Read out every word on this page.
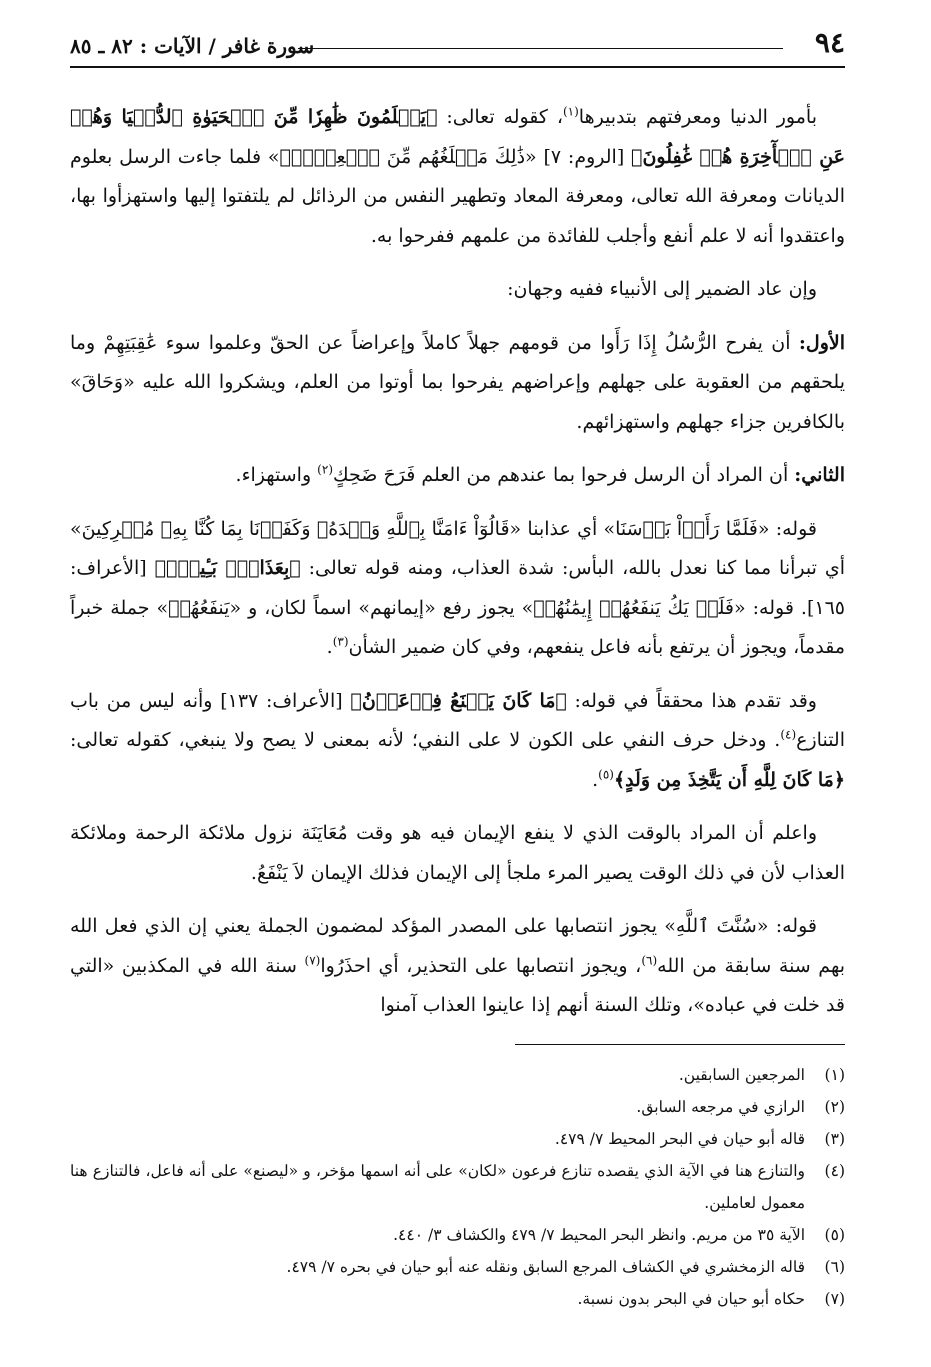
٩٤
سورة غافر / الآيات : ٨٢ ـ ٨٥

بأمور الدنيا ومعرفتهم بتدبيرها$^{(١)}$، كقوله تعالى: ﴿يَعۡلَمُونَ ظَٰهِرٗا مِّنَ ٱلۡحَيَوٰةِ ٱلدُّنۡيَا وَهُمۡ عَنِ ٱلۡأٓخِرَةِ هُمۡ غَٰفِلُونَ﴾ [الروم: ٧] «ذَٰلِكَ مَبۡلَغُهُم مِّنَ ٱلۡعِلۡمِۚ» فلما جاءت الرسل بعلوم الديانات ومعرفة الله تعالى، ومعرفة المعاد وتطهير النفس من الرذائل لم يلتفتوا إليها واستهزأوا بها، واعتقدوا أنه لا علم أنفع وأجلب للفائدة من علمهم ففرحوا به.

وإن عاد الضمير إلى الأنبياء ففيه وجهان:

الأول: أن يفرح الرُّسُلُ إِذَا رَأَوا من قومهم جهلاً كاملاً وإعراضاً عن الحقّ وعلموا سوء عَٰقِبَتِهِمْ وما يلحقهم من العقوبة على جهلهم وإعراضهم يفرحوا بما أوتوا من العلم، ويشكروا الله عليه «وَحَاقَ» بالكافرين جزاء جهلهم واستهزائهم.

الثاني: أن المراد أن الرسل فرحوا بما عندهم من العلم فَرَحَ ضَحِكٍ$^{(٢)}$ واستهزاء.

قوله: «فَلَمَّا رَأَوۡاْ بَأۡسَنَا» أي عذابنا «قَالُوٓاْ ءَامَنَّا بِٱللَّهِ وَحۡدَهُۥ وَكَفَرۡنَا بِمَا كُنَّا بِهِۦ مُشۡرِكِينَ» أي تبرأنا مما كنا نعدل بالله، البأس: شدة العذاب، ومنه قوله تعالى: ﴿بِعَذَابِۭ بَـِٔيسِۭ﴾ [الأعراف: ١٦٥]. قوله: «فَلَمۡ يَكُ يَنفَعُهُمۡ إِيمَٰنُهُمۡ» يجوز رفع «إيمانهم» اسماً لكان، و «يَنفَعُهُمۡ» جملة خبراً مقدماً، ويجوز أن يرتفع بأنه فاعل ينفعهم، وفي كان ضمير الشأن$^{(٣)}$.

وقد تقدم هذا محققاً في قوله: ﴿مَا كَانَ يَصۡنَعُ فِرۡعَوۡنُ﴾ [الأعراف: ١٣٧] وأنه ليس من باب التنازع$^{(٤)}$. ودخل حرف النفي على الكون لا على النفي؛ لأنه بمعنى لا يصح ولا ينبغي، كقوله تعالى: ﴿مَا كَانَ لِلَّهِ أَن يَتَّخِذَ مِن وَلَدٍ﴾$^{(٥)}$.

واعلم أن المراد بالوقت الذي لا ينفع الإيمان فيه هو وقت مُعَايَنَة نزول ملائكة الرحمة وملائكة العذاب لأن في ذلك الوقت يصير المرء ملجأ إلى الإيمان فذلك الإيمان لاَ يَنْفَعُ.

قوله: «سُنَّتَ ٱللَّهِ» يجوز انتصابها على المصدر المؤكد لمضمون الجملة يعني إن الذي فعل الله بهم سنة سابقة من الله$^{(٦)}$، ويجوز انتصابها على التحذير، أي احذَرُوا$^{(٧)}$ سنة الله في المكذبين «التي قد خلت في عباده»، وتلك السنة أنهم إذا عاينوا العذاب آمنوا

(١)
المرجعين السابقين.
(٢)
الرازي في مرجعه السابق.
(٣)
قاله أبو حيان في البحر المحيط ٧/ ٤٧٩.
(٤)
والتنازع هنا في الآية الذي يقصده تنازع فرعون «لكان» على أنه اسمها مؤخر، و «ليصنع» على أنه فاعل، فالتنازع هنا معمول لعاملين.
(٥)
الآية ٣٥ من مريم. وانظر البحر المحيط ٧/ ٤٧٩ والكشاف ٣/ ٤٤٠.
(٦)
قاله الزمخشري في الكشاف المرجع السابق ونقله عنه أبو حيان في بحره ٧/ ٤٧٩.
(٧)
حكاه أبو حيان في البحر بدون نسبة.
